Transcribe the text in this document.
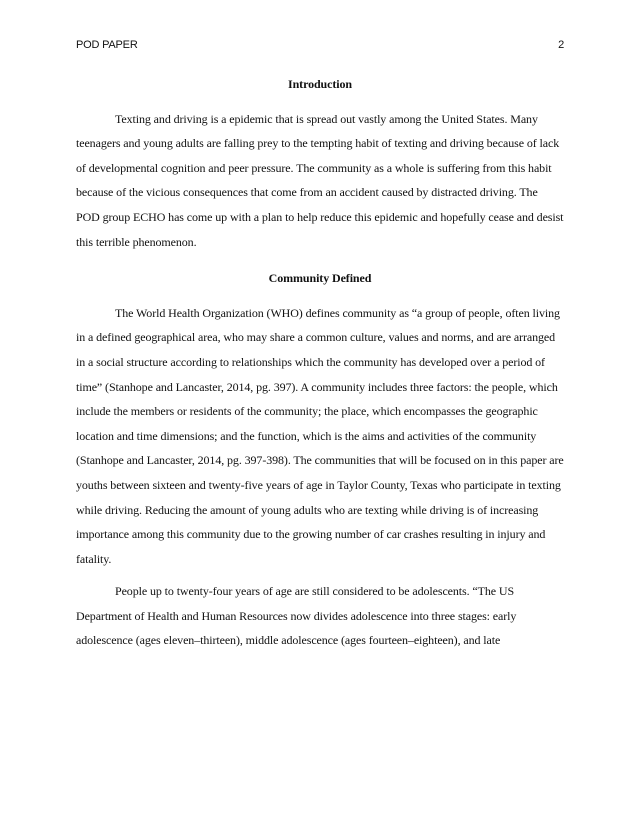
POD PAPER	2
Introduction

Texting and driving is a epidemic that is spread out vastly among the United States. Many teenagers and young adults are falling prey to the tempting habit of texting and driving because of lack of developmental cognition and peer pressure. The community as a whole is suffering from this habit because of the vicious consequences that come from an accident caused by distracted driving. The POD group ECHO has come up with a plan to help reduce this epidemic and hopefully cease and desist this terrible phenomenon.

Community Defined

The World Health Organization (WHO) defines community as “a group of people, often living in a defined geographical area, who may share a common culture, values and norms, and are arranged in a social structure according to relationships which the community has developed over a period of time” (Stanhope and Lancaster, 2014, pg. 397). A community includes three factors: the people, which include the members or residents of the community; the place, which encompasses the geographic location and time dimensions; and the function, which is the aims and activities of the community (Stanhope and Lancaster, 2014, pg. 397-398). The communities that will be focused on in this paper are youths between sixteen and twenty-five years of age in Taylor County, Texas who participate in texting while driving. Reducing the amount of young adults who are texting while driving is of increasing importance among this community due to the growing number of car crashes resulting in injury and fatality.

People up to twenty-four years of age are still considered to be adolescents. “The US Department of Health and Human Resources now divides adolescence into three stages: early adolescence (ages eleven–thirteen), middle adolescence (ages fourteen–eighteen), and late
